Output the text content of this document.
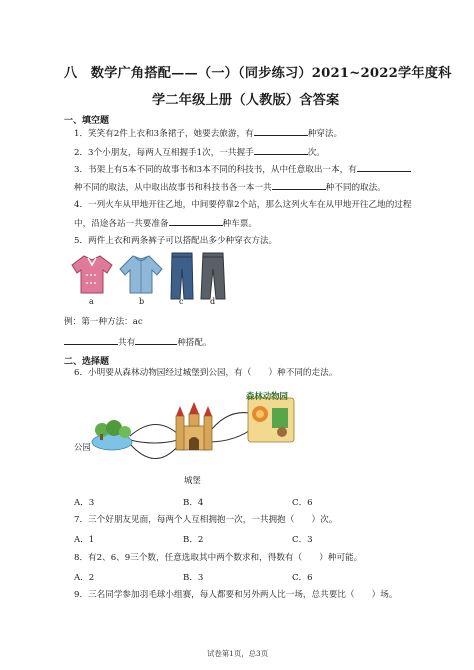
八　数学广角搭配——（一）（同步练习）2021~2022学年度科
学二年级上册（人教版）含答案
一、填空题
1．笑笑有2件上衣和3条裙子，她要去旅游，有	种穿法。
2．3个小朋友，每两人互相握手1次，一共握手	次。
3．书架上有5本不同的故事书和3本不同的科技书，从中任意取出一本，有
种不同的取法，从中取出故事书和科技书各一本一共	种不同的取法。
4．一列火车从甲地开往乙地，中间要停靠2个站，那么这列火车在从甲地开往乙地的过程
中，沿途各站一共要准备	种车票。
5．两件上衣和两条裤子可以搭配出多少种穿衣方法。
a	b	c	d
例：第一种方法：ac
共有	种搭配。
二、选择题
6．小明要从森林动物园经过城堡到公园，有（　　）种不同的走法。
森林动物园
公园
城堡
A．3	B．4	C．6
7．三个好朋友见面，每两个人互相拥抱一次，一共拥抱（　　）次。
A．1	B．2	C．3
8．有2、6、9三个数，任意选取其中两个数求和，得数有（　　）种可能。
A．2	B．3	C．6
9．三名同学参加羽毛球小组赛，每人都要和另外两人比一场，总共要比（　　）场。
试卷第1页，总3页
